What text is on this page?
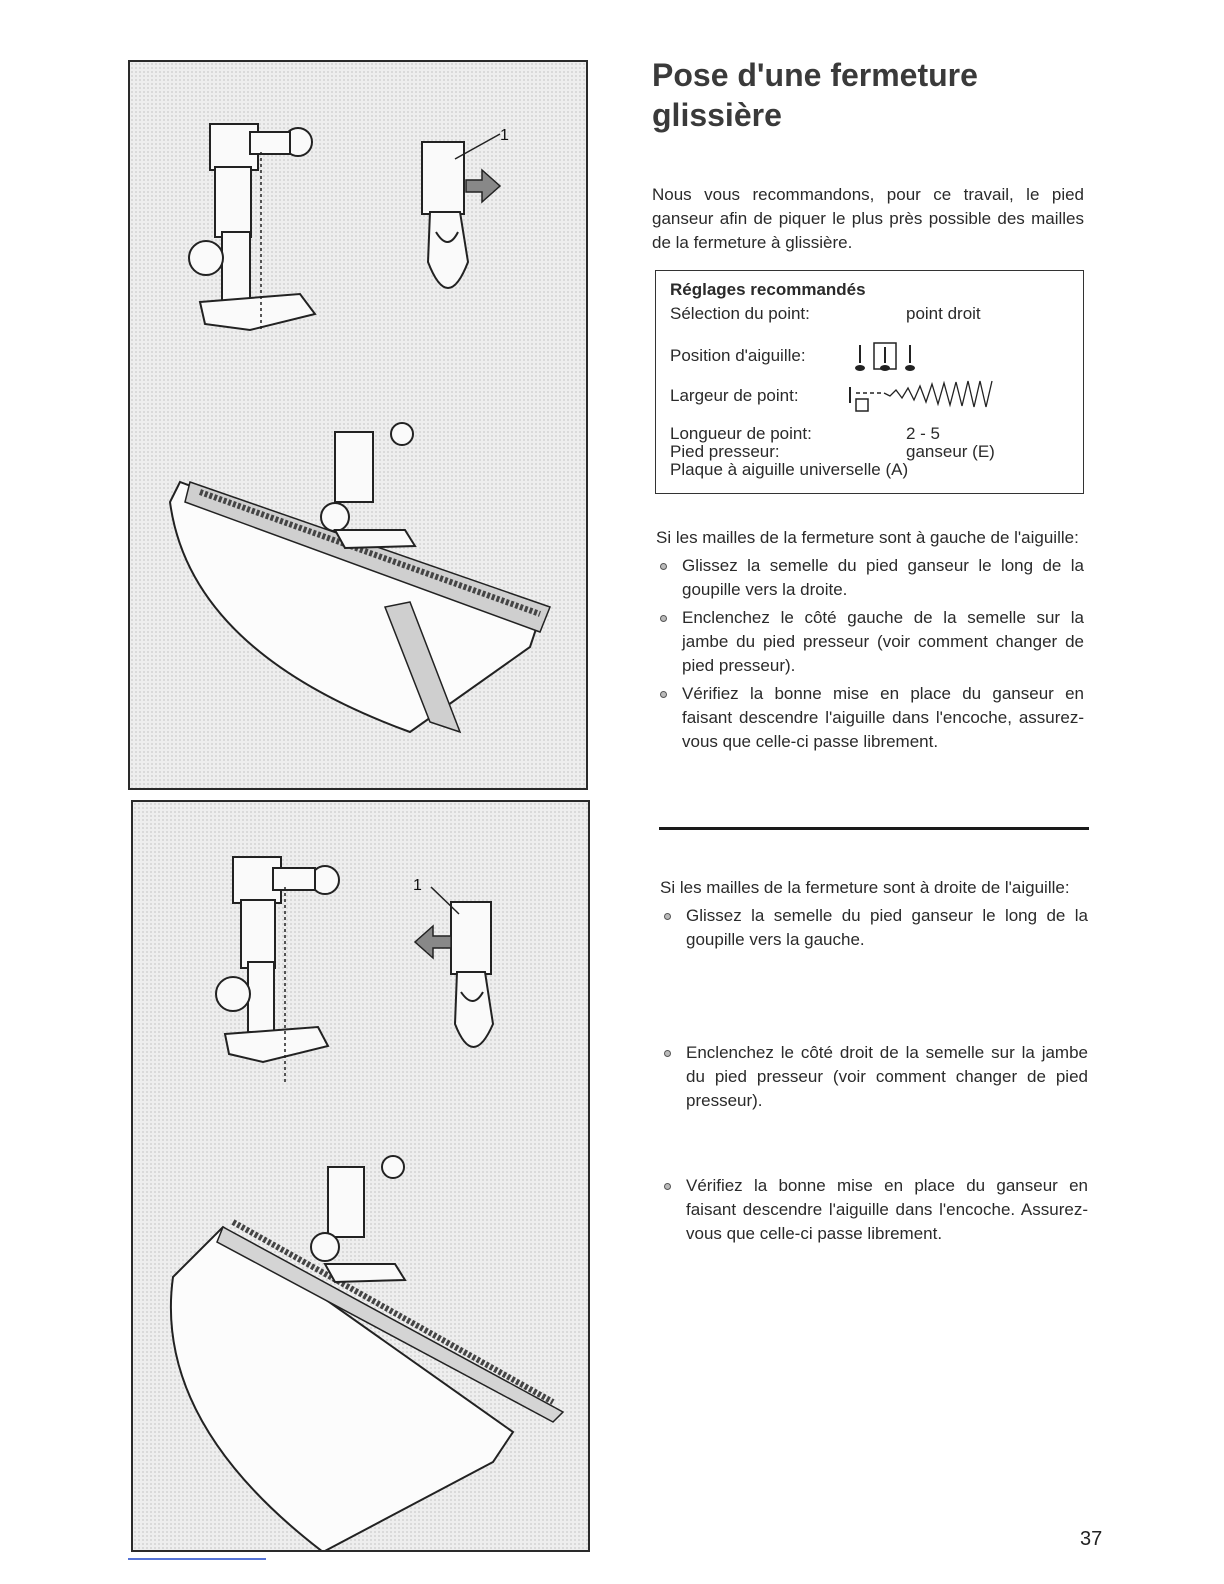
1
1
Pose d'une fermeture
glissière

Nous vous recommandons, pour ce travail, le pied ganseur afin de piquer le plus près possible des mailles de la fermeture à glissière.

Réglages recommandés
Sélection du point:	point droit
Position d'aiguille:
Largeur de point:
Longueur de point:	2 - 5
Pied presseur:	ganseur (E)
Plaque à aiguille universelle (A)
Si les mailles de la fermeture sont à gauche de l'aiguille:
Glissez la semelle du pied ganseur le long de la goupille vers la droite.
Enclenchez le côté gauche de la semelle sur la jambe du pied presseur (voir comment changer de pied presseur).
Vérifiez la bonne mise en place du ganseur en faisant descendre l'aiguille dans l'encoche, assurez-vous que celle-ci passe librement.
Si les mailles de la fermeture sont à droite de l'aiguille:
Glissez la semelle du pied ganseur le long de la goupille vers la gauche.
Enclenchez le côté droit de la semelle sur la jambe du pied presseur (voir comment changer de pied presseur).
Vérifiez la bonne mise en place du ganseur en faisant descendre l'aiguille dans l'encoche. Assurez-vous que celle-ci passe librement.
37
